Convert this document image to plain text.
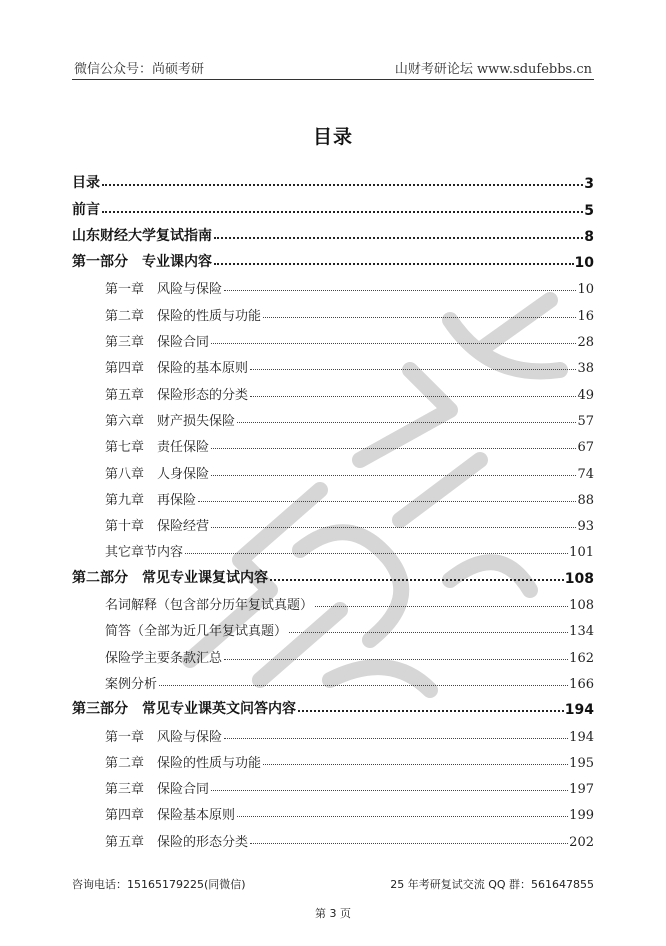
微信公众号：尚硕考研	山财考研论坛 www.sdufebbs.cn
目录
目录	3
前言	5
山东财经大学复试指南	8
第一部分　专业课内容	10
第一章　风险与保险	10
第二章　保险的性质与功能	16
第三章　保险合同	28
第四章　保险的基本原则	38
第五章　保险形态的分类	49
第六章　财产损失保险	57
第七章　责任保险	67
第八章　人身保险	74
第九章　再保险	88
第十章　保险经营	93
其它章节内容	101
第二部分　常见专业课复试内容	108
名词解释（包含部分历年复试真题）	108
简答（全部为近几年复试真题）	134
保险学主要条款汇总	162
案例分析	166
第三部分　常见专业课英文问答内容	194
第一章　风险与保险	194
第二章　保险的性质与功能	195
第三章　保险合同	197
第四章　保险基本原则	199
第五章　保险的形态分类	202
咨询电话：15165179225(同微信)	25 年考研复试交流 QQ 群：561647855
第 3 页
